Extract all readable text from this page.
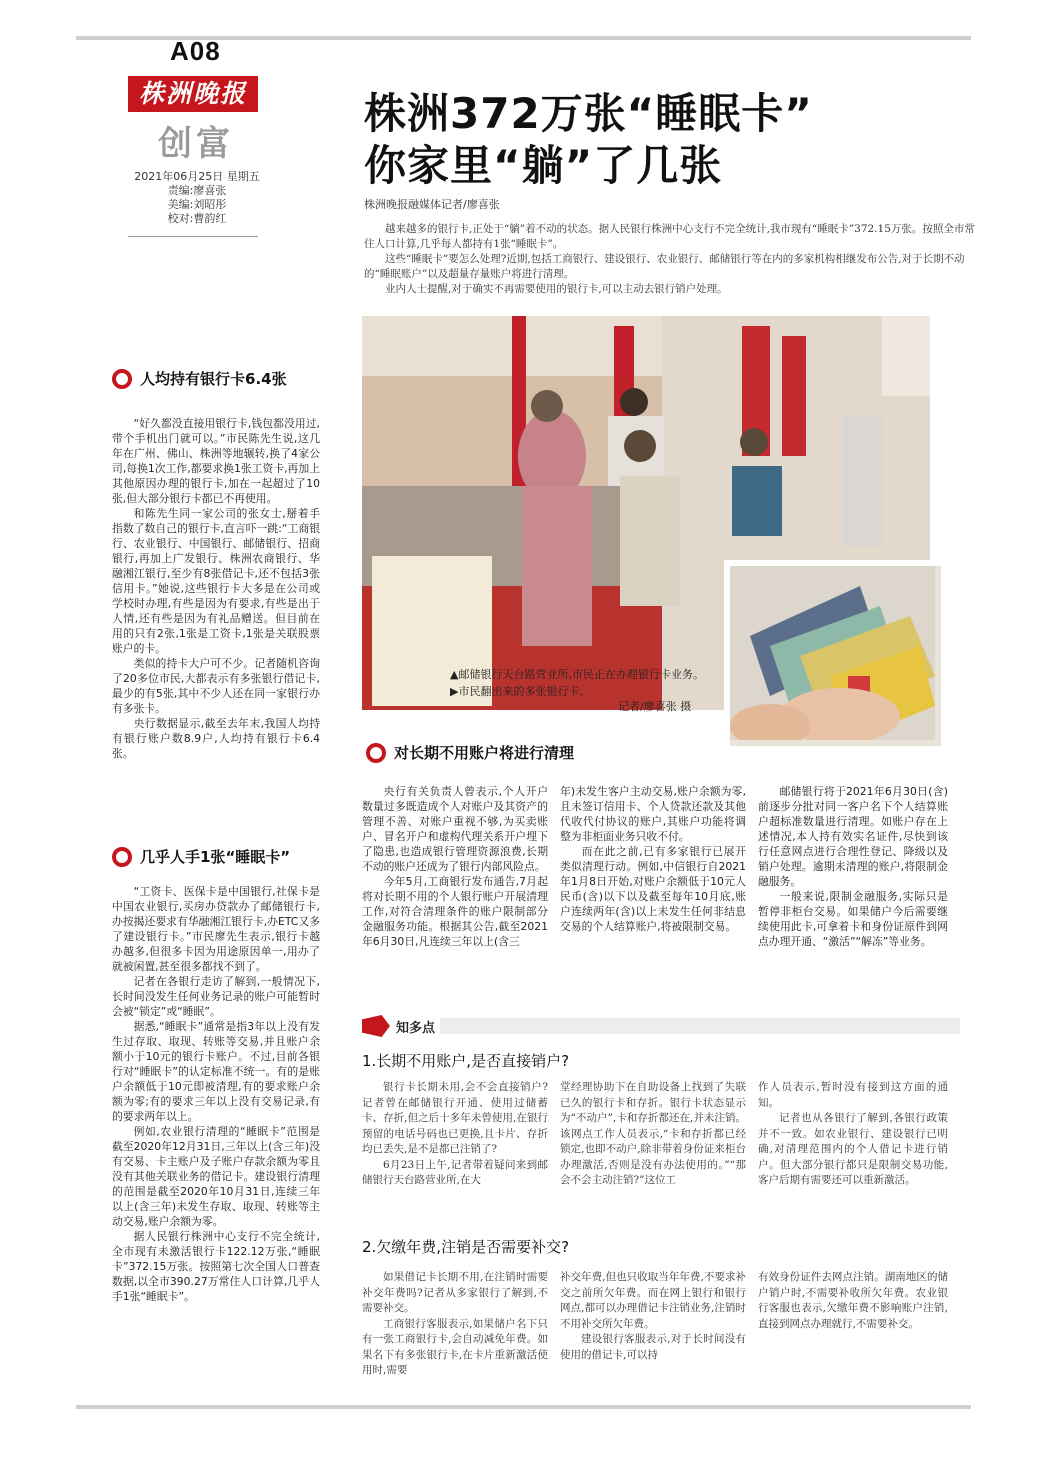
A08
株洲晚报
创富
2021年06月25日 星期五
责编:廖喜张
美编:刘昭彤
校对:曹韵红
株洲372万张“睡眠卡”
你家里“躺”了几张
株洲晚报融媒体记者/廖喜张

越来越多的银行卡,正处于“躺”着不动的状态。据人民银行株洲中心支行不完全统计,我市现有“睡眠卡”372.15万张。按照全市常住人口计算,几乎每人都持有1张“睡眠卡”。

这些“睡眠卡”要怎么处理?近期,包括工商银行、建设银行、农业银行、邮储银行等在内的多家机构相继发布公告,对于长期不动的“睡眠账户”以及超量存量账户将进行清理。

业内人士提醒,对于确实不再需要使用的银行卡,可以主动去银行销户处理。

▲邮储银行天台路营业所,市民正在办理银行卡业务。
▶市民翻出来的多张银行卡。
记者/廖喜张 摄
人均持有银行卡6.4张

“好久都没直接用银行卡,钱包都没用过,带个手机出门就可以。”市民陈先生说,这几年在广州、佛山、株洲等地辗转,换了4家公司,每换1次工作,都要求换1张工资卡,再加上其他原因办理的银行卡,加在一起超过了10张,但大部分银行卡都已不再使用。

和陈先生同一家公司的张女士,掰着手指数了数自己的银行卡,直言吓一跳:“工商银行、农业银行、中国银行、邮储银行、招商银行,再加上广发银行、株洲农商银行、华融湘江银行,至少有8张借记卡,还不包括3张信用卡。”她说,这些银行卡大多是在公司或学校时办理,有些是因为有要求,有些是出于人情,还有些是因为有礼品赠送。但目前在用的只有2张,1张是工资卡,1张是关联股票账户的卡。

类似的持卡大户可不少。记者随机咨询了20多位市民,大都表示有多张银行借记卡,最少的有5张,其中不少人还在同一家银行办有多张卡。

央行数据显示,截至去年末,我国人均持有银行账户数8.9户,人均持有银行卡6.4张。

几乎人手1张“睡眠卡”

“工资卡、医保卡是中国银行,社保卡是中国农业银行,买房办贷款办了邮储银行卡,办按揭还要求有华融湘江银行卡,办ETC又多了建设银行卡。”市民廖先生表示,银行卡越办越多,但很多卡因为用途原因单一,用办了就被闲置,甚至很多都找不到了。

记者在各银行走访了解到,一般情况下,长时间没发生任何业务记录的账户可能暂时会被“锁定”或“睡眠”。

据悉,“睡眠卡”通常是指3年以上没有发生过存取、取现、转账等交易,并且账户余额小于10元的银行卡账户。不过,目前各银行对“睡眠卡”的认定标准不统一。有的是账户余额低于10元即被清理,有的要求账户余额为零;有的要求三年以上没有交易记录,有的要求两年以上。

例如,农业银行清理的“睡眠卡”范围是截至2020年12月31日,三年以上(含三年)没有交易、卡主账户及子账户存款余额为零且没有其他关联业务的借记卡。建设银行清理的范围是截至2020年10月31日,连续三年以上(含三年)未发生存取、取现、转账等主动交易,账户余额为零。

据人民银行株洲中心支行不完全统计,全市现有未激活银行卡122.12万张,“睡眠卡”372.15万张。按照第七次全国人口普查数据,以全市390.27万常住人口计算,几乎人手1张“睡眠卡”。

对长期不用账户将进行清理

央行有关负责人曾表示,个人开户数量过多既造成个人对账户及其资产的管理不善、对账户重视不够,为买卖账户、冒名开户和虚构代理关系开户埋下了隐患,也造成银行管理资源浪费,长期不动的账户还成为了银行内部风险点。

今年5月,工商银行发布通告,7月起将对长期不用的个人银行账户开展清理工作,对符合清理条件的账户限制部分金融服务功能。根据其公告,截至2021年6月30日,凡连续三年以上(含三

年)未发生客户主动交易,账户余额为零,且未签订信用卡、个人贷款还款及其他代收代付协议的账户,其账户功能将调整为非柜面业务只收不付。

而在此之前,已有多家银行已展开类似清理行动。例如,中信银行自2021年1月8日开始,对账户余额低于10元人民币(含)以下以及截至每年10月底,账户连续两年(含)以上未发生任何非结息交易的个人结算账户,将被限制交易。

邮储银行将于2021年6月30日(含)前逐步分批对同一客户名下个人结算账户超标准数量进行清理。如账户存在上述情况,本人持有效实名证件,尽快到该行任意网点进行合理性登记、降级以及销户处理。逾期未清理的账户,将限制金融服务。

一般来说,限制金融服务,实际只是暂停非柜台交易。如果储户今后需要继续使用此卡,可拿着卡和身份证原件到网点办理开通、“激活”“解冻”等业务。

知多点
1.长期不用账户,是否直接销户?

银行卡长期未用,会不会直接销户?记者曾在邮储银行开通、使用过储蓄卡、存折,但之后十多年未曾使用,在银行预留的电话号码也已更换,且卡片、存折均已丢失,是不是都已注销了?

6月23日上午,记者带着疑问来到邮储银行天台路营业所,在大

堂经理协助下在自助设备上找到了失联已久的银行卡和存折。银行卡状态显示为“不动户”,卡和存折都还在,并未注销。该网点工作人员表示,“卡和存折都已经锁定,也即不动户,除非带着身份证来柜台办理激活,否则是没有办法使用的。”“那会不会主动注销?”这位工

作人员表示,暂时没有接到这方面的通知。

记者也从各银行了解到,各银行政策并不一致。如农业银行、建设银行已明确,对清理范围内的个人借记卡进行销户。但大部分银行都只是限制交易功能,客户后期有需要还可以重新激活。

2.欠缴年费,注销是否需要补交?

如果借记卡长期不用,在注销时需要补交年费吗?记者从多家银行了解到,不需要补交。

工商银行客服表示,如果储户名下只有一张工商银行卡,会自动减免年费。如果名下有多张银行卡,在卡片重新激活使用时,需要

补交年费,但也只收取当年年费,不要求补交之前所欠年费。而在网上银行和银行网点,都可以办理借记卡注销业务,注销时不用补交所欠年费。

建设银行客服表示,对于长时间没有使用的借记卡,可以持

有效身份证件去网点注销。湖南地区的储户销户时,不需要补收所欠年费。农业银行客服也表示,欠缴年费不影响账户注销,直接到网点办理就行,不需要补交。
